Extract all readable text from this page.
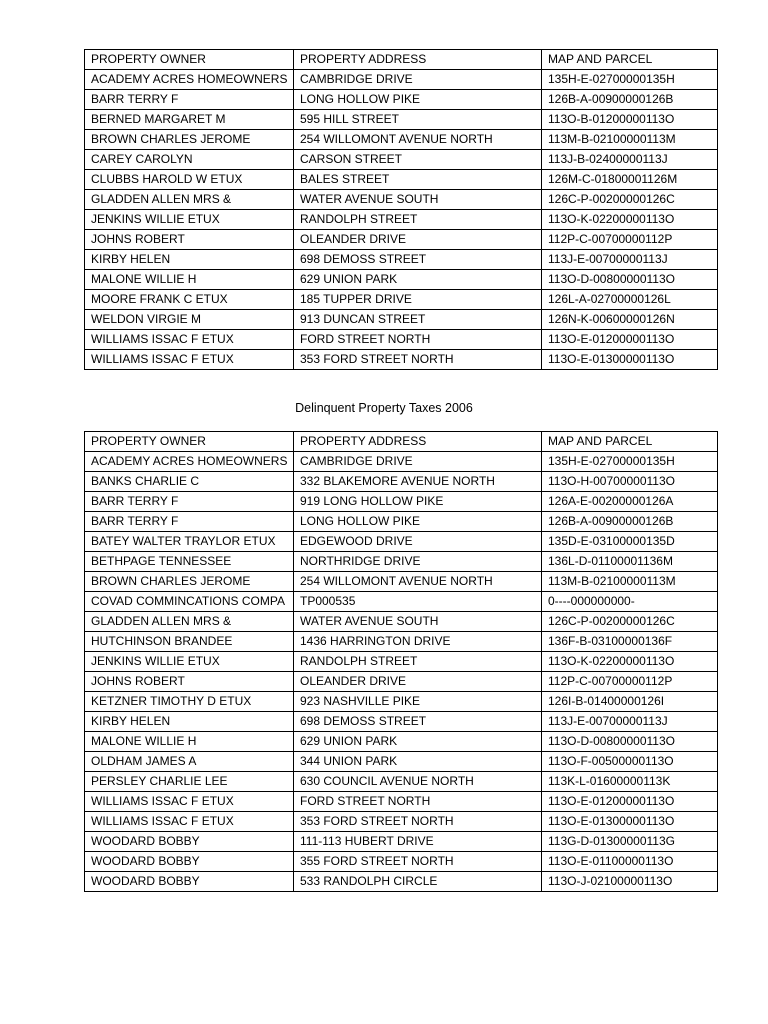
PROPERTY OWNER	PROPERTY ADDRESS	MAP AND PARCEL
ACADEMY ACRES HOMEOWNERS	CAMBRIDGE DRIVE	135H-E-02700000135H
BARR TERRY F	LONG HOLLOW PIKE	126B-A-00900000126B
BERNED MARGARET M	595 HILL STREET	113O-B-01200000113O
BROWN CHARLES JEROME	254 WILLOMONT AVENUE NORTH	113M-B-02100000113M
CAREY CAROLYN	CARSON STREET	113J-B-02400000113J
CLUBBS HAROLD W ETUX	BALES STREET	126M-C-01800001126M
GLADDEN ALLEN MRS &	WATER AVENUE SOUTH	126C-P-00200000126C
JENKINS WILLIE ETUX	RANDOLPH STREET	113O-K-02200000113O
JOHNS ROBERT	OLEANDER DRIVE	112P-C-00700000112P
KIRBY HELEN	698 DEMOSS STREET	113J-E-00700000113J
MALONE WILLIE H	629 UNION PARK	113O-D-00800000113O
MOORE FRANK C ETUX	185 TUPPER DRIVE	126L-A-02700000126L
WELDON VIRGIE M	913 DUNCAN STREET	126N-K-00600000126N
WILLIAMS ISSAC F ETUX	FORD STREET NORTH	113O-E-01200000113O
WILLIAMS ISSAC F ETUX	353 FORD STREET NORTH	113O-E-01300000113O
Delinquent Property Taxes 2006
PROPERTY OWNER	PROPERTY ADDRESS	MAP AND PARCEL
ACADEMY ACRES HOMEOWNERS	CAMBRIDGE DRIVE	135H-E-02700000135H
BANKS CHARLIE C	332 BLAKEMORE AVENUE NORTH	113O-H-00700000113O
BARR TERRY F	919 LONG HOLLOW PIKE	126A-E-00200000126A
BARR TERRY F	LONG HOLLOW PIKE	126B-A-00900000126B
BATEY WALTER TRAYLOR ETUX	EDGEWOOD DRIVE	135D-E-03100000135D
BETHPAGE TENNESSEE	NORTHRIDGE DRIVE	136L-D-01100001136M
BROWN CHARLES JEROME	254 WILLOMONT AVENUE NORTH	113M-B-02100000113M
COVAD COMMINCATIONS COMPA	TP000535	0----000000000-
GLADDEN ALLEN MRS &	WATER AVENUE SOUTH	126C-P-00200000126C
HUTCHINSON BRANDEE	1436 HARRINGTON DRIVE	136F-B-03100000136F
JENKINS WILLIE ETUX	RANDOLPH STREET	113O-K-02200000113O
JOHNS ROBERT	OLEANDER DRIVE	112P-C-00700000112P
KETZNER TIMOTHY D ETUX	923 NASHVILLE PIKE	126I-B-01400000126I
KIRBY HELEN	698 DEMOSS STREET	113J-E-00700000113J
MALONE WILLIE H	629 UNION PARK	113O-D-00800000113O
OLDHAM JAMES A	344 UNION PARK	113O-F-00500000113O
PERSLEY CHARLIE LEE	630 COUNCIL AVENUE NORTH	113K-L-01600000113K
WILLIAMS ISSAC F ETUX	FORD STREET NORTH	113O-E-01200000113O
WILLIAMS ISSAC F ETUX	353 FORD STREET NORTH	113O-E-01300000113O
WOODARD BOBBY	111-113 HUBERT DRIVE	113G-D-01300000113G
WOODARD BOBBY	355 FORD STREET NORTH	113O-E-01100000113O
WOODARD BOBBY	533 RANDOLPH CIRCLE	113O-J-02100000113O
